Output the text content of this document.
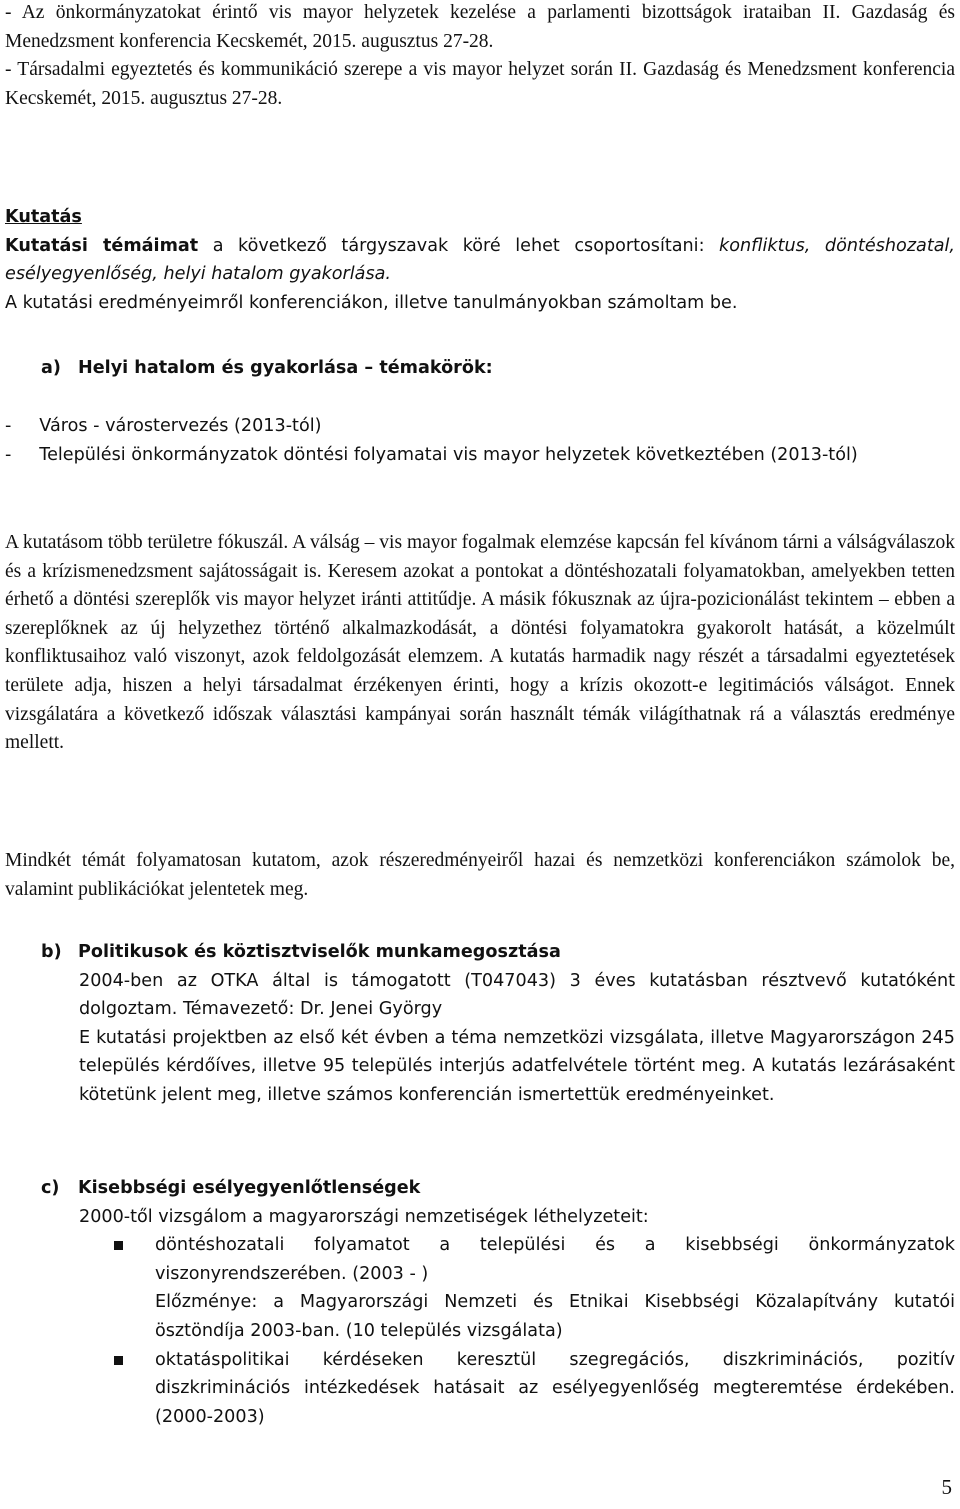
- Az önkormányzatokat érintő vis mayor helyzetek kezelése a parlamenti bizottságok irataiban II. Gazdaság és Menedzsment konferencia Kecskemét, 2015. augusztus 27-28.

- Társadalmi egyeztetés és kommunikáció szerepe a vis mayor helyzet során II. Gazdaság és Menedzsment konferencia Kecskemét, 2015. augusztus 27-28.

Kutatás

Kutatási témáimat a következő tárgyszavak köré lehet csoportosítani: konfliktus, döntéshozatal, esélyegyenlőség, helyi hatalom gyakorlása.

A kutatási eredményeimről konferenciákon, illetve tanulmányokban számoltam be.

a) Helyi hatalom és gyakorlása – témakörök:

-     Város - várostervezés (2013-tól)

-     Települési önkormányzatok döntési folyamatai vis mayor helyzetek következtében (2013-tól)

A kutatásom több területre fókuszál. A válság – vis mayor fogalmak elemzése kapcsán fel kívánom tárni a válságválaszok és a krízismenedzsment sajátosságait is. Keresem azokat a pontokat a döntéshozatali folyamatokban, amelyekben tetten érhető a döntési szereplők vis mayor helyzet iránti attitűdje. A másik fókusznak az újra-pozicionálást tekintem – ebben a szereplőknek az új helyzethez történő alkalmazkodását, a döntési folyamatokra gyakorolt hatását, a közelmúlt konfliktusaihoz való viszonyt, azok feldolgozását elemzem. A kutatás harmadik nagy részét a társadalmi egyeztetések területe adja, hiszen a helyi társadalmat érzékenyen érinti, hogy a krízis okozott-e legitimációs válságot. Ennek vizsgálatára a következő időszak választási kampányai során használt témák világíthatnak rá a választás eredménye mellett.

Mindkét témát folyamatosan kutatom, azok részeredményeiről hazai és nemzetközi konferenciákon számolok be, valamint publikációkat jelentetek meg.

b) Politikusok és köztisztviselők munkamegosztása

2004-ben az OTKA által is támogatott (T047043) 3 éves kutatásban résztvevő kutatóként dolgoztam. Témavezető: Dr. Jenei György

E kutatási projektben az első két évben a téma nemzetközi vizsgálata, illetve Magyarországon 245 település kérdőíves, illetve 95 település interjús adatfelvétele történt meg. A kutatás lezárásaként kötetünk jelent meg, illetve számos konferencián ismertettük eredményeinket.

c) Kisebbségi esélyegyenlőtlenségek

2000-től vizsgálom a magyarországi nemzetiségek léthelyzeteit:

döntéshozatali folyamatot a települési és a kisebbségi önkormányzatok viszonyrendszerében. (2003 - )

Előzménye: a Magyarországi Nemzeti és Etnikai Kisebbségi Közalapítvány kutatói ösztöndíja 2003-ban. (10 település vizsgálata)

oktatáspolitikai kérdéseken keresztül szegregációs, diszkriminációs, pozitív diszkriminációs intézkedések hatásait az esélyegyenlőség megteremtése érdekében. (2000-2003)

5
